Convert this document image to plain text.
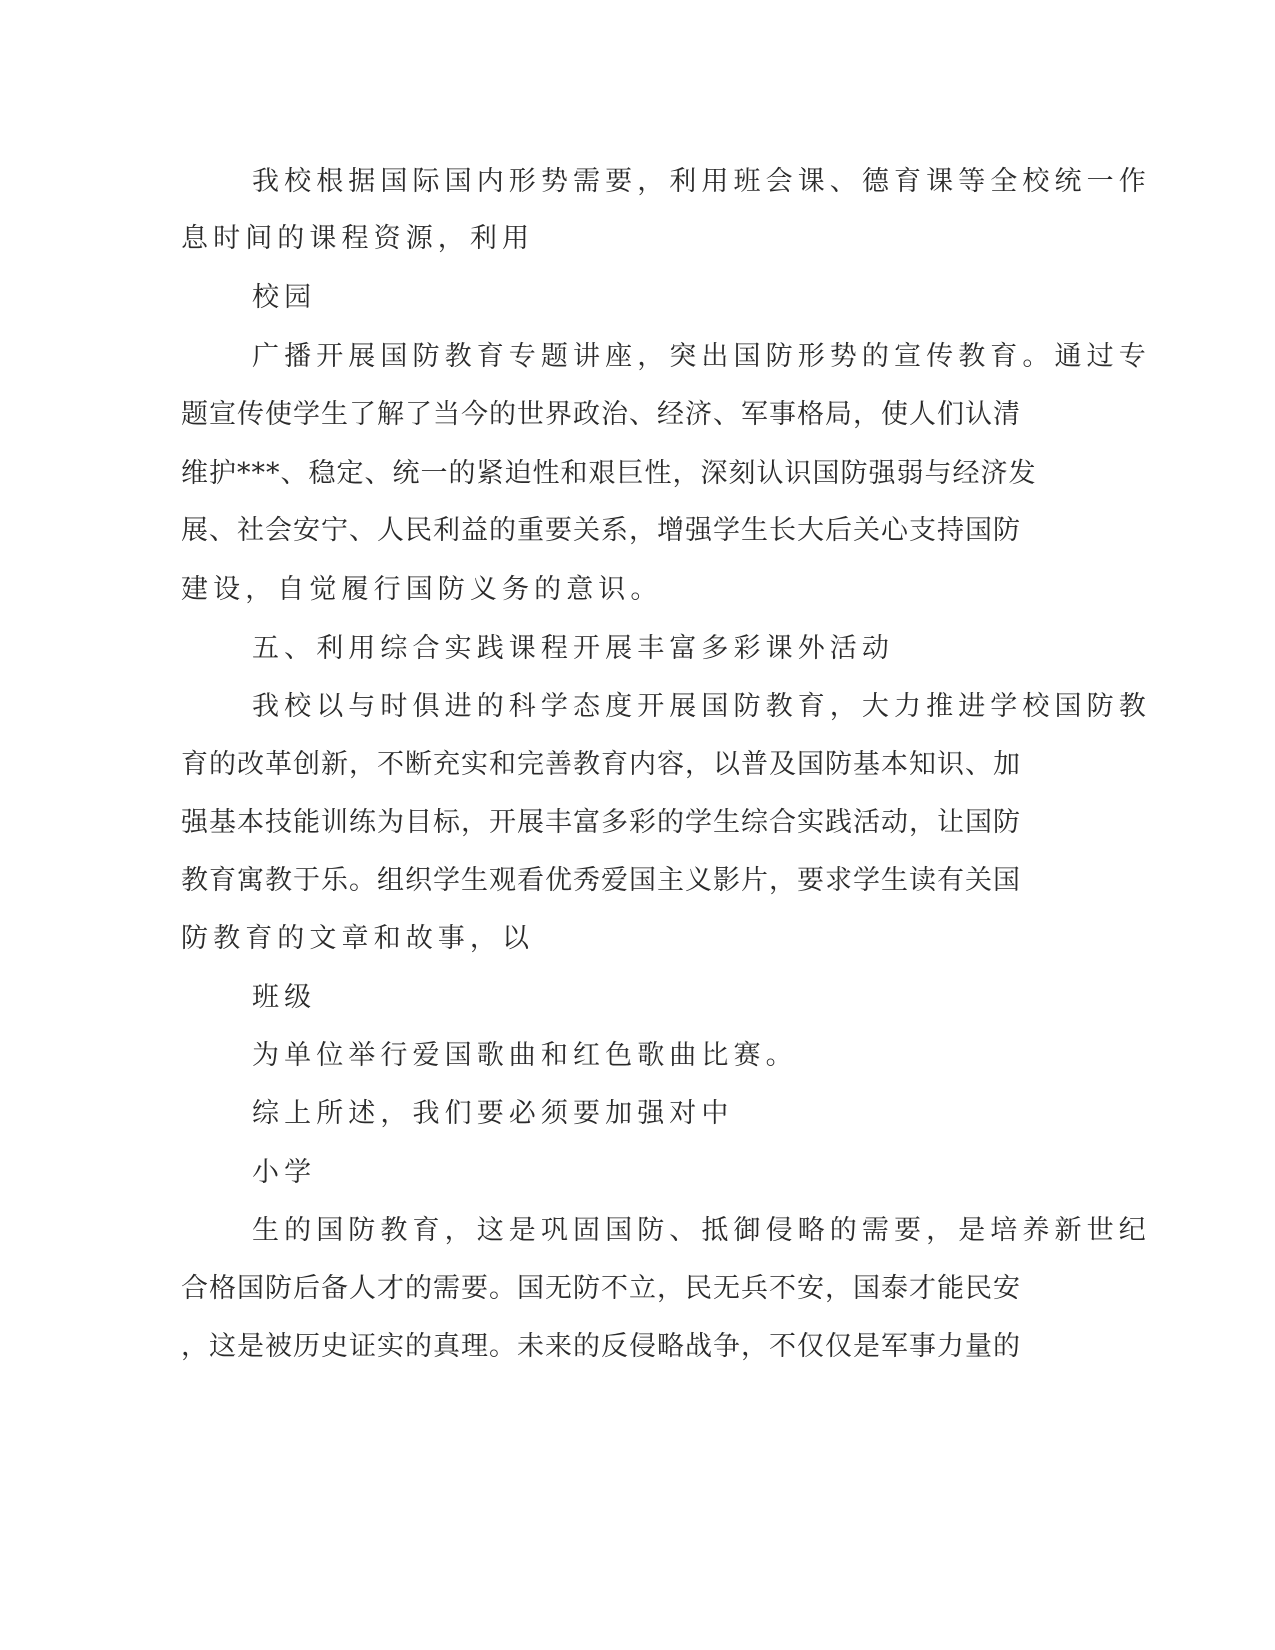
我校根据国际国内形势需要，利用班会课、德育课等全校统一作

息时间的课程资源，利用

校园

广播开展国防教育专题讲座，突出国防形势的宣传教育。通过专

题宣传使学生了解了当今的世界政治、经济、军事格局，使人们认清

维护***、稳定、统一的紧迫性和艰巨性，深刻认识国防强弱与经济发

展、社会安宁、人民利益的重要关系，增强学生长大后关心支持国防

建设，自觉履行国防义务的意识。

五、利用综合实践课程开展丰富多彩课外活动

我校以与时俱进的科学态度开展国防教育，大力推进学校国防教

育的改革创新，不断充实和完善教育内容，以普及国防基本知识、加

强基本技能训练为目标，开展丰富多彩的学生综合实践活动，让国防

教育寓教于乐。组织学生观看优秀爱国主义影片，要求学生读有关国

防教育的文章和故事，以

班级

为单位举行爱国歌曲和红色歌曲比赛。

综上所述，我们要必须要加强对中

小学

生的国防教育，这是巩固国防、抵御侵略的需要，是培养新世纪

合格国防后备人才的需要。国无防不立，民无兵不安，国泰才能民安

，这是被历史证实的真理。未来的反侵略战争，不仅仅是军事力量的
